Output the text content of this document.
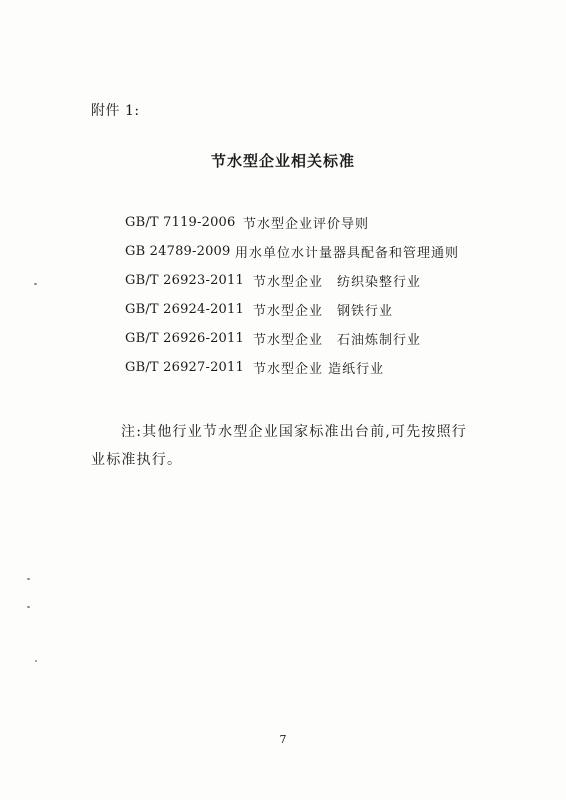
附件 1:
节水型企业相关标准
GB/T 7119-2006 节水型企业评价导则
GB 24789-2009 用水单位水计量器具配备和管理通则
GB/T 26923-2011 节水型企业　纺织染整行业
GB/T 26924-2011 节水型企业　钢铁行业
GB/T 26926-2011 节水型企业　石油炼制行业
GB/T 26927-2011 节水型企业 造纸行业

注:其他行业节水型企业国家标准出台前,可先按照行业标准执行。

7
